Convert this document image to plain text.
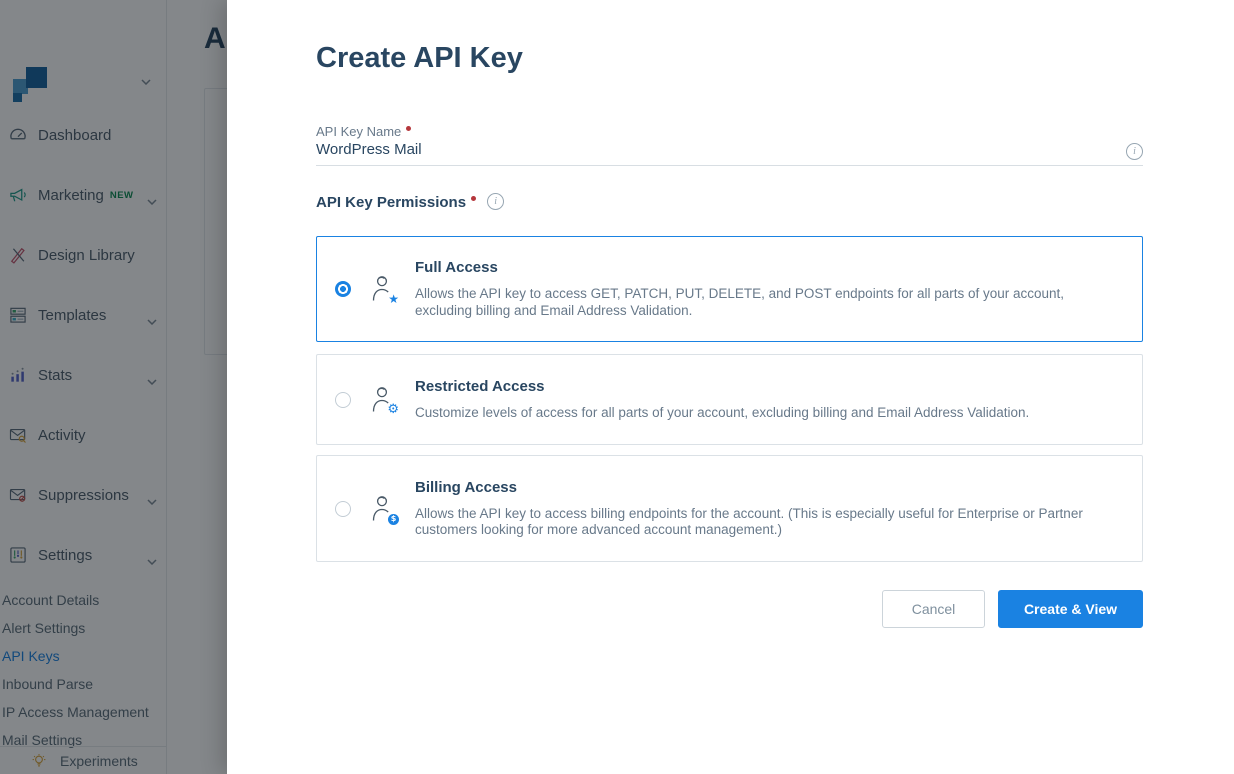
Create API Key
API Key Name
WordPress Mail
i
API Key Permissions	i
★
Full Access
Allows the API key to access GET, PATCH, PUT, DELETE, and POST endpoints for all parts of your account, excluding billing and Email Address Validation.
⚙
Restricted Access
Customize levels of access for all parts of your account, excluding billing and Email Address Validation.
$
Billing Access
Allows the API key to access billing endpoints for the account. (This is especially useful for Enterprise or Partner customers looking for more advanced account management.)
Cancel	Create & View
